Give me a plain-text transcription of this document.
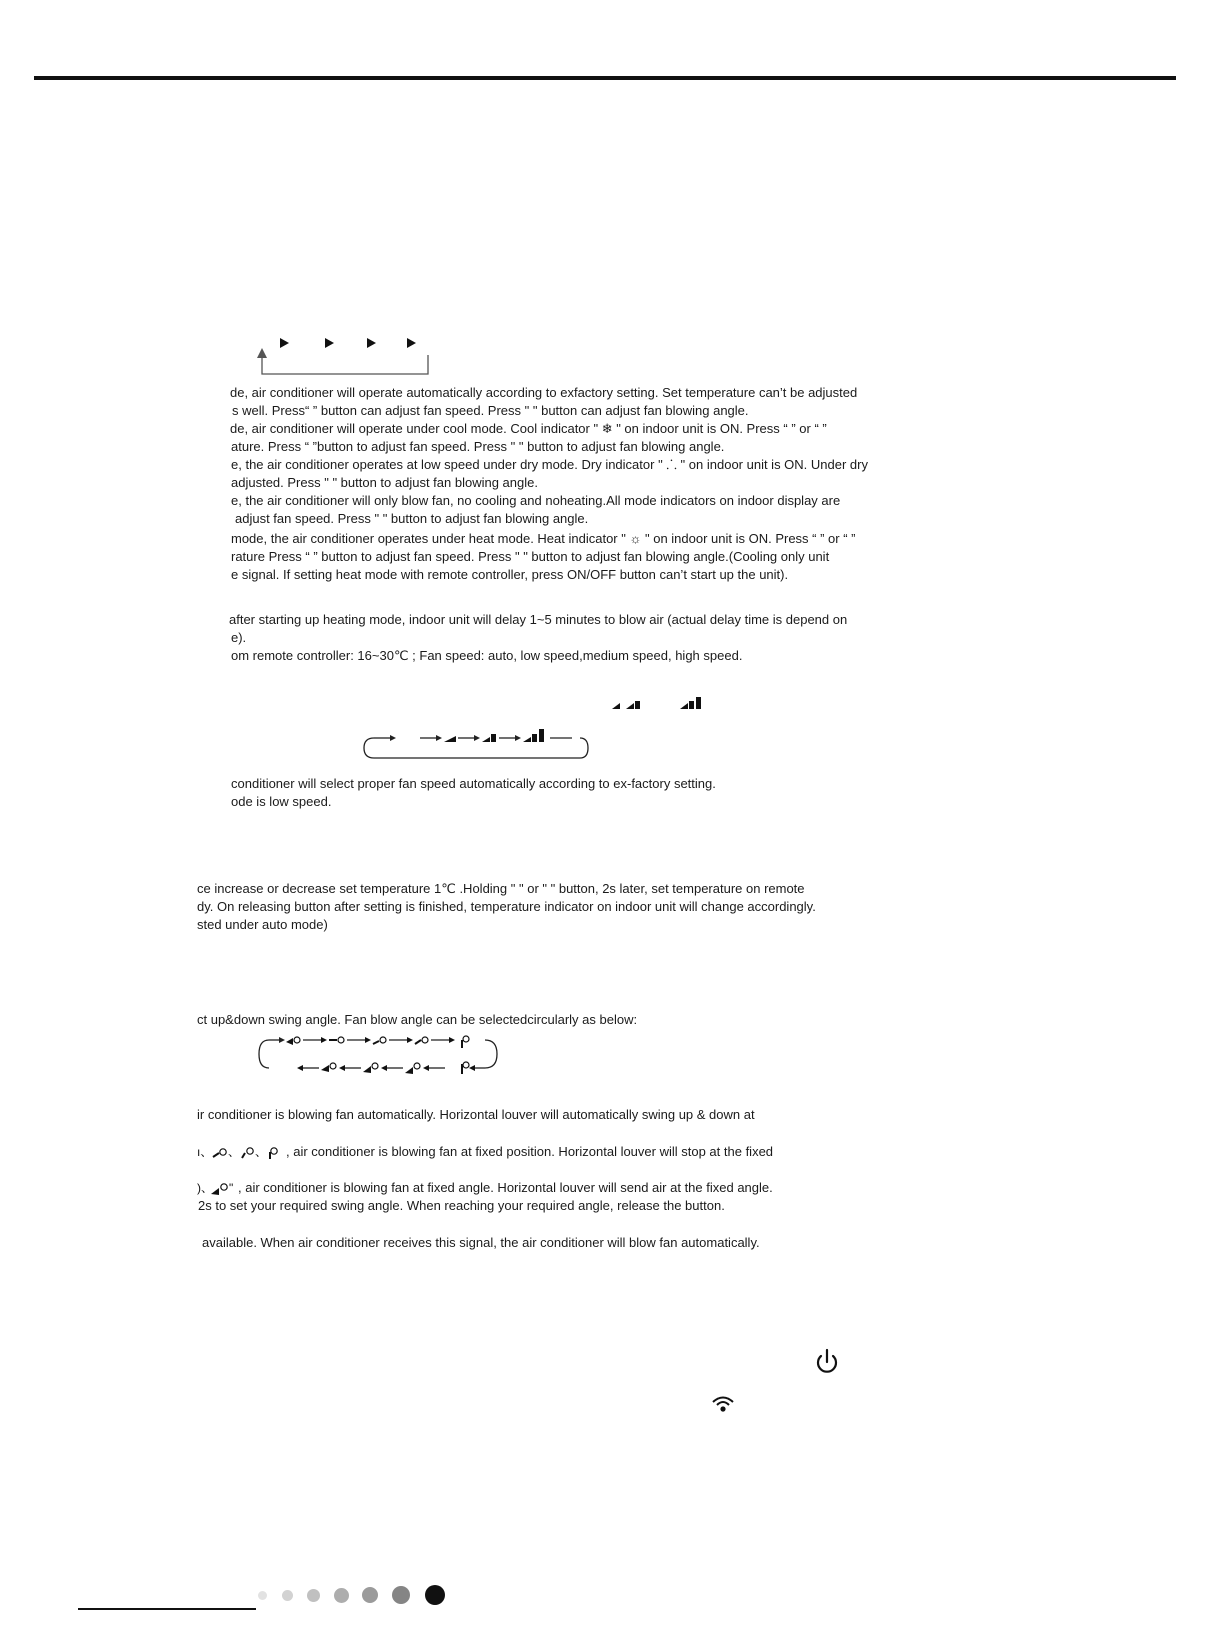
de, air conditioner will operate automatically according to exfactory setting. Set temperature can’t be adjusted
s well. Press“ ” button can adjust fan speed. Press " " button can adjust fan blowing angle.
de, air conditioner will operate under cool mode. Cool indicator " ❄ " on indoor unit is ON. Press “ ” or “ ”
ature. Press “ ”button to adjust fan speed. Press " " button to adjust fan blowing angle.
e, the air conditioner operates at low speed under dry mode. Dry indicator " ⸫ " on indoor unit is ON. Under dry
adjusted. Press " " button to adjust fan blowing angle.
e, the air conditioner will only blow fan, no cooling and noheating.All mode indicators on indoor display are
adjust fan speed. Press " " button to adjust fan blowing angle.
mode, the air conditioner operates under heat mode. Heat indicator " ☼ " on indoor unit is ON. Press “ ” or “ ”
rature Press “ ” button to adjust fan speed. Press " " button to adjust fan blowing angle.(Cooling only unit
e signal. If setting heat mode with remote controller, press ON/OFF button can’t start up the unit).
after starting up heating mode, indoor unit will delay 1~5 minutes to blow air (actual delay time is depend on
e).
om remote controller: 16~30℃ ; Fan speed: auto, low speed,medium speed, high speed.
conditioner will select proper fan speed automatically according to ex-factory setting.
ode is low speed.
ce increase or decrease set temperature 1℃ .Holding " " or " " button, 2s later, set temperature on remote
dy. On releasing button after setting is finished, temperature indicator on indoor unit will change accordingly.
sted under auto mode)
ct up&down swing angle. Fan blow angle can be selectedcircularly as below:
ir conditioner is blowing fan automatically. Horizontal louver will automatically swing up & down at
ı、 、 、 , air conditioner is blowing fan at fixed position. Horizontal louver will stop at the fixed
)、 " , air conditioner is blowing fan at fixed angle. Horizontal louver will send air at the fixed angle.
2s to set your required swing angle. When reaching your required angle, release the button.
available. When air conditioner receives this signal, the air conditioner will blow fan automatically.
